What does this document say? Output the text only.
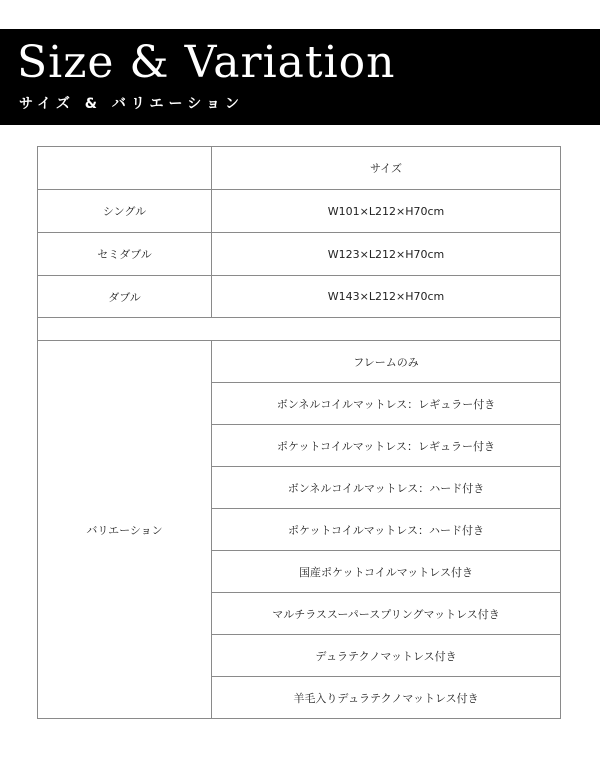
Size & Variation
サイズ & バリエーション
	サイズ
シングル	W101×L212×H70cm
セミダブル	W123×L212×H70cm
ダブル	W143×L212×H70cm

バリエーション	フレームのみ
	ボンネルコイルマットレス：レギュラー付き
	ポケットコイルマットレス：レギュラー付き
	ボンネルコイルマットレス：ハード付き
	ポケットコイルマットレス：ハード付き
	国産ポケットコイルマットレス付き
	マルチラススーパースプリングマットレス付き
	デュラテクノマットレス付き
	羊毛入りデュラテクノマットレス付き
